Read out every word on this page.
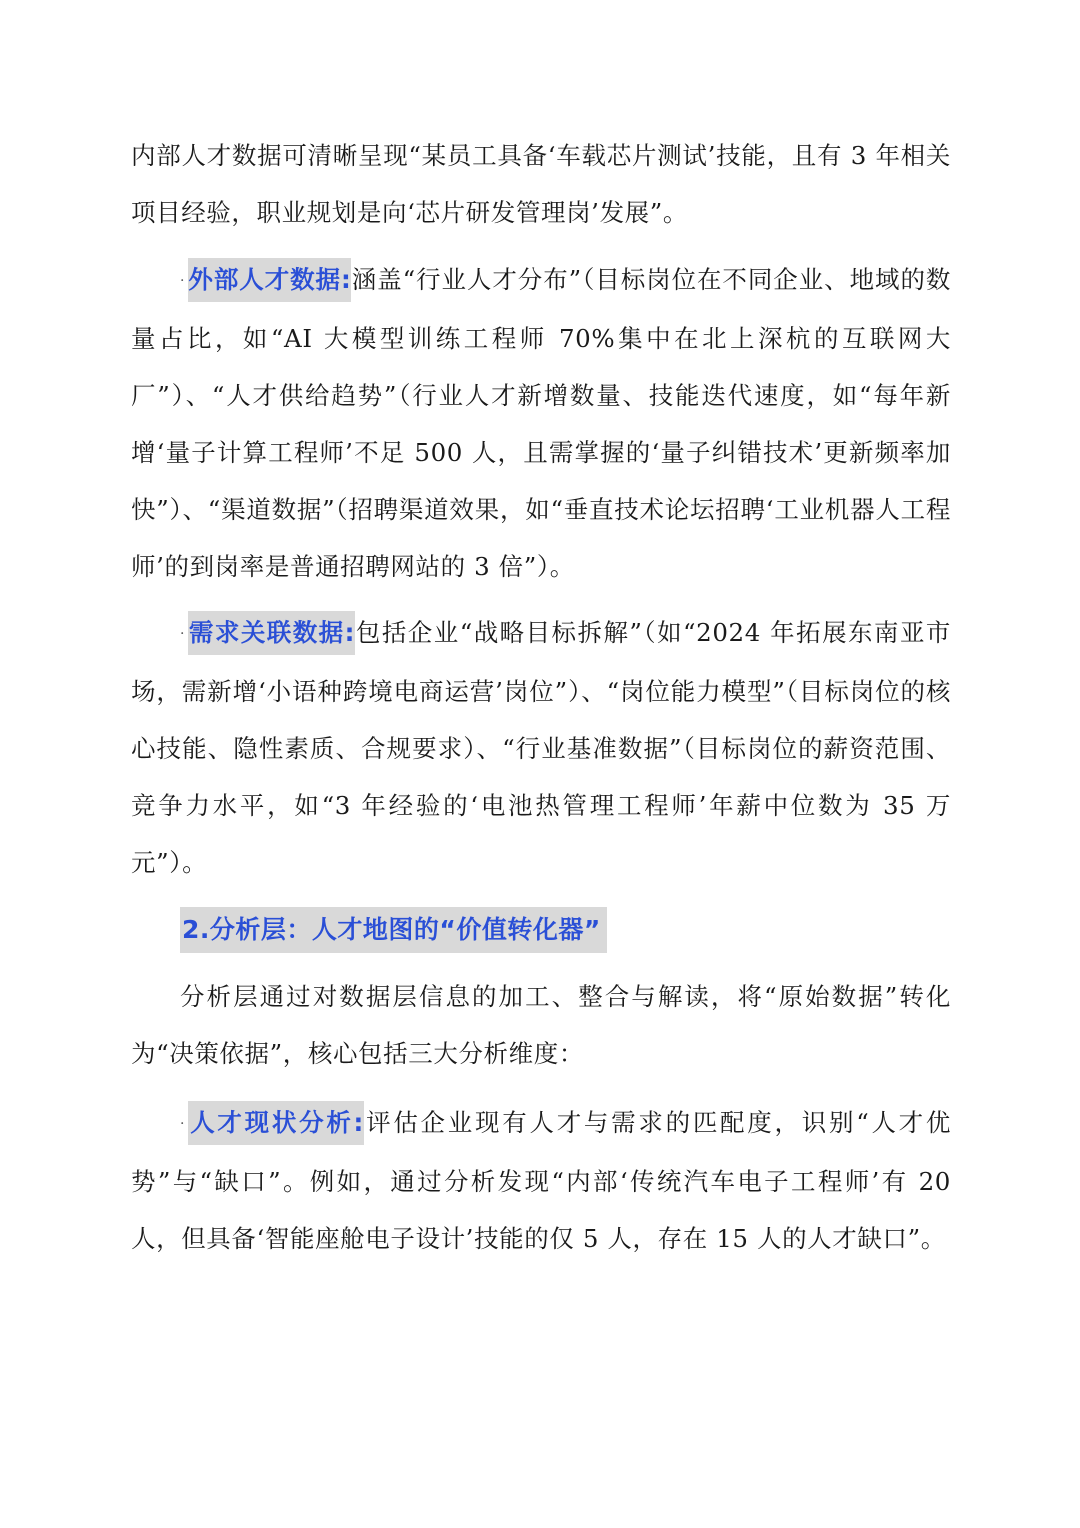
内部人才数据可清晰呈现“某员工具备‘车载芯片测试’技能，且有 3 年相关项目经验，职业规划是向‘芯片研发管理岗’发展”。

· 外部人才数据:涵盖“行业人才分布”（目标岗位在不同企业、地域的数量占比，如“AI 大模型训练工程师 70%集中在北上深杭的互联网大厂”）、“人才供给趋势”（行业人才新增数量、技能迭代速度，如“每年新增‘量子计算工程师’不足 500 人，且需掌握的‘量子纠错技术’更新频率加快”）、“渠道数据”（招聘渠道效果，如“垂直技术论坛招聘‘工业机器人工程师’的到岗率是普通招聘网站的 3 倍”）。

· 需求关联数据:包括企业“战略目标拆解”（如“2024 年拓展东南亚市场，需新增‘小语种跨境电商运营’岗位”）、“岗位能力模型”（目标岗位的核心技能、隐性素质、合规要求）、“行业基准数据”（目标岗位的薪资范围、竞争力水平，如“3 年经验的‘电池热管理工程师’年薪中位数为 35 万元”）。

2.分析层：人才地图的“价值转化器”

分析层通过对数据层信息的加工、整合与解读，将“原始数据”转化为“决策依据”，核心包括三大分析维度：

· 人才现状分析:评估企业现有人才与需求的匹配度，识别“人才优势”与“缺口”。例如，通过分析发现“内部‘传统汽车电子工程师’有 20 人，但具备‘智能座舱电子设计’技能的仅 5 人，存在 15 人的人才缺口”。
